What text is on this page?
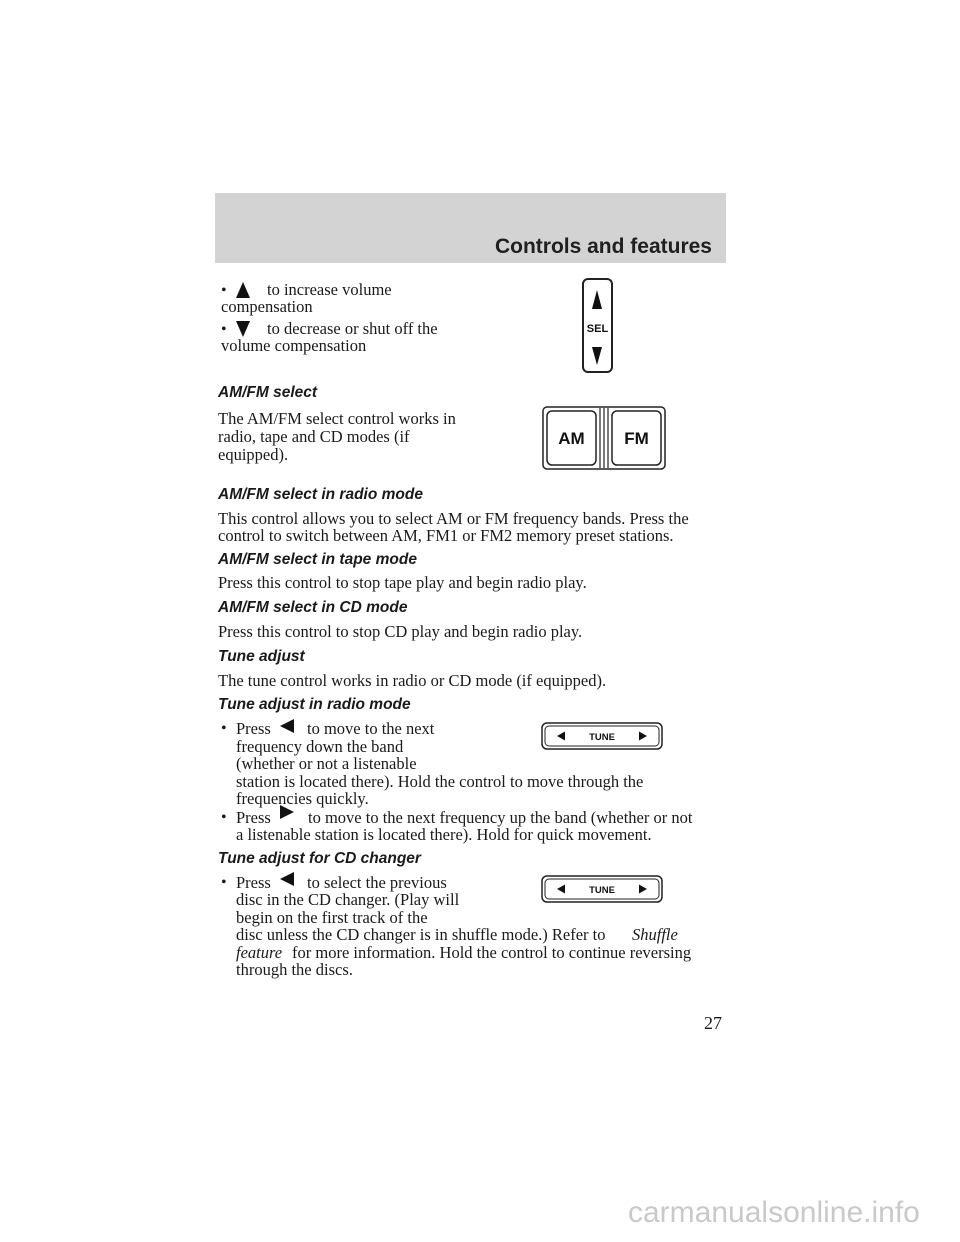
Controls and features
• to increase volume
compensation
• to decrease or shut off the
volume compensation
SEL
AM/FM select
The AM/FM select control works in
radio, tape and CD modes (if
equipped).
AM FM
AM/FM select in radio mode
This control allows you to select AM or FM frequency bands. Press the
control to switch between AM, FM1 or FM2 memory preset stations.
AM/FM select in tape mode
Press this control to stop tape play and begin radio play.
AM/FM select in CD mode
Press this control to stop CD play and begin radio play.
Tune adjust
The tune control works in radio or CD mode (if equipped).
Tune adjust in radio mode
• Press to move to the next
frequency down the band
(whether or not a listenable
station is located there). Hold the control to move through the
frequencies quickly.
TUNE
• Press to move to the next frequency up the band (whether or not
a listenable station is located there). Hold for quick movement.
Tune adjust for CD changer
• Press to select the previous
disc in the CD changer. (Play will
begin on the first track of the
disc unless the CD changer is in shuffle mode.) Refer to Shuffle
feature for more information. Hold the control to continue reversing
through the discs.
TUNE
27
carmanualsonline.info
